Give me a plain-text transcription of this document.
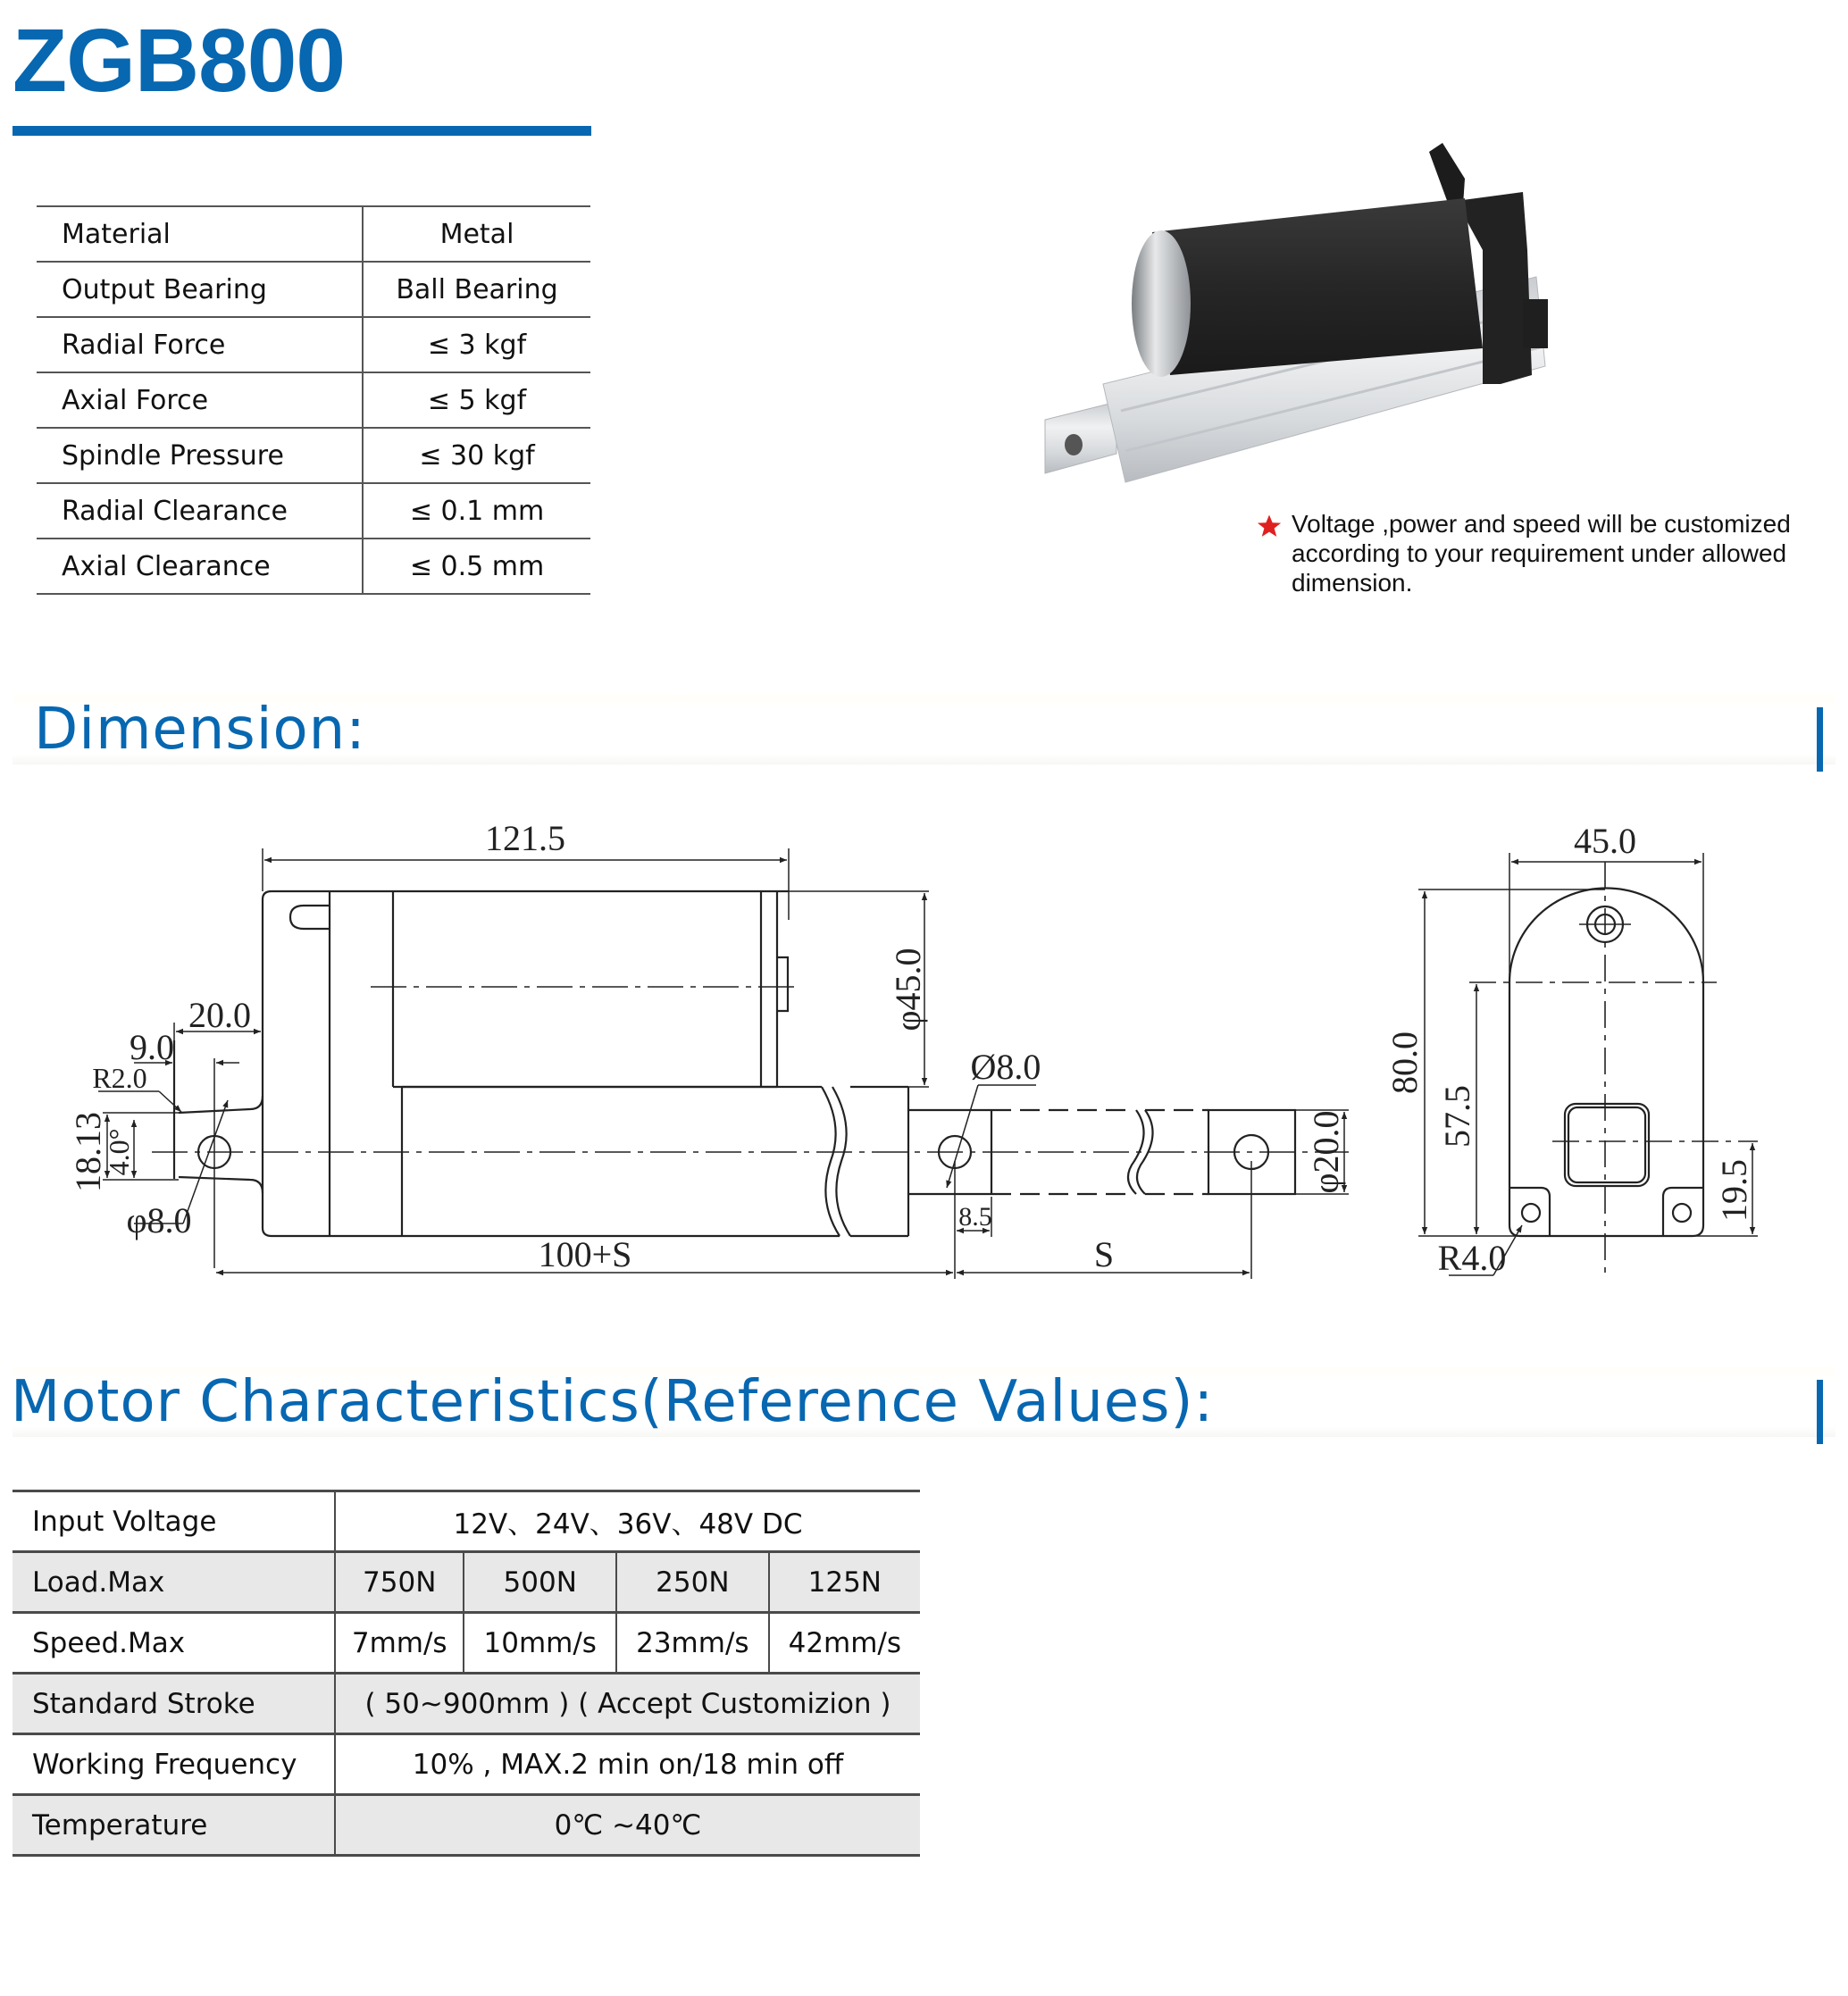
ZGB800
Material	Metal
Output Bearing	Ball Bearing
Radial Force	≤ 3 kgf
Axial Force	≤ 5 kgf
Spindle Pressure	≤ 30 kgf
Radial Clearance	≤ 0.1 mm
Axial Clearance	≤ 0.5 mm
Voltage ,power and speed will be customized according to your requirement under allowed dimension.
Dimension:
121.5
φ45.0
20.0
9.0
R2.0
18.13
4.0°
φ8.0
100+S
Ø8.0
8.5
S
φ20.0
45.0
80.0
57.5
19.5
R4.0
Motor Characteristics(Reference Values):
Input Voltage	12V、24V、36V、48V DC			
Load.Max	750N	500N	250N	125N
Speed.Max	7mm/s	10mm/s	23mm/s	42mm/s
Standard Stroke	( 50~900mm ) ( Accept Customizion )			
Working Frequency	10% , MAX.2 min on/18 min off			
Temperature	0℃ ~40℃			
